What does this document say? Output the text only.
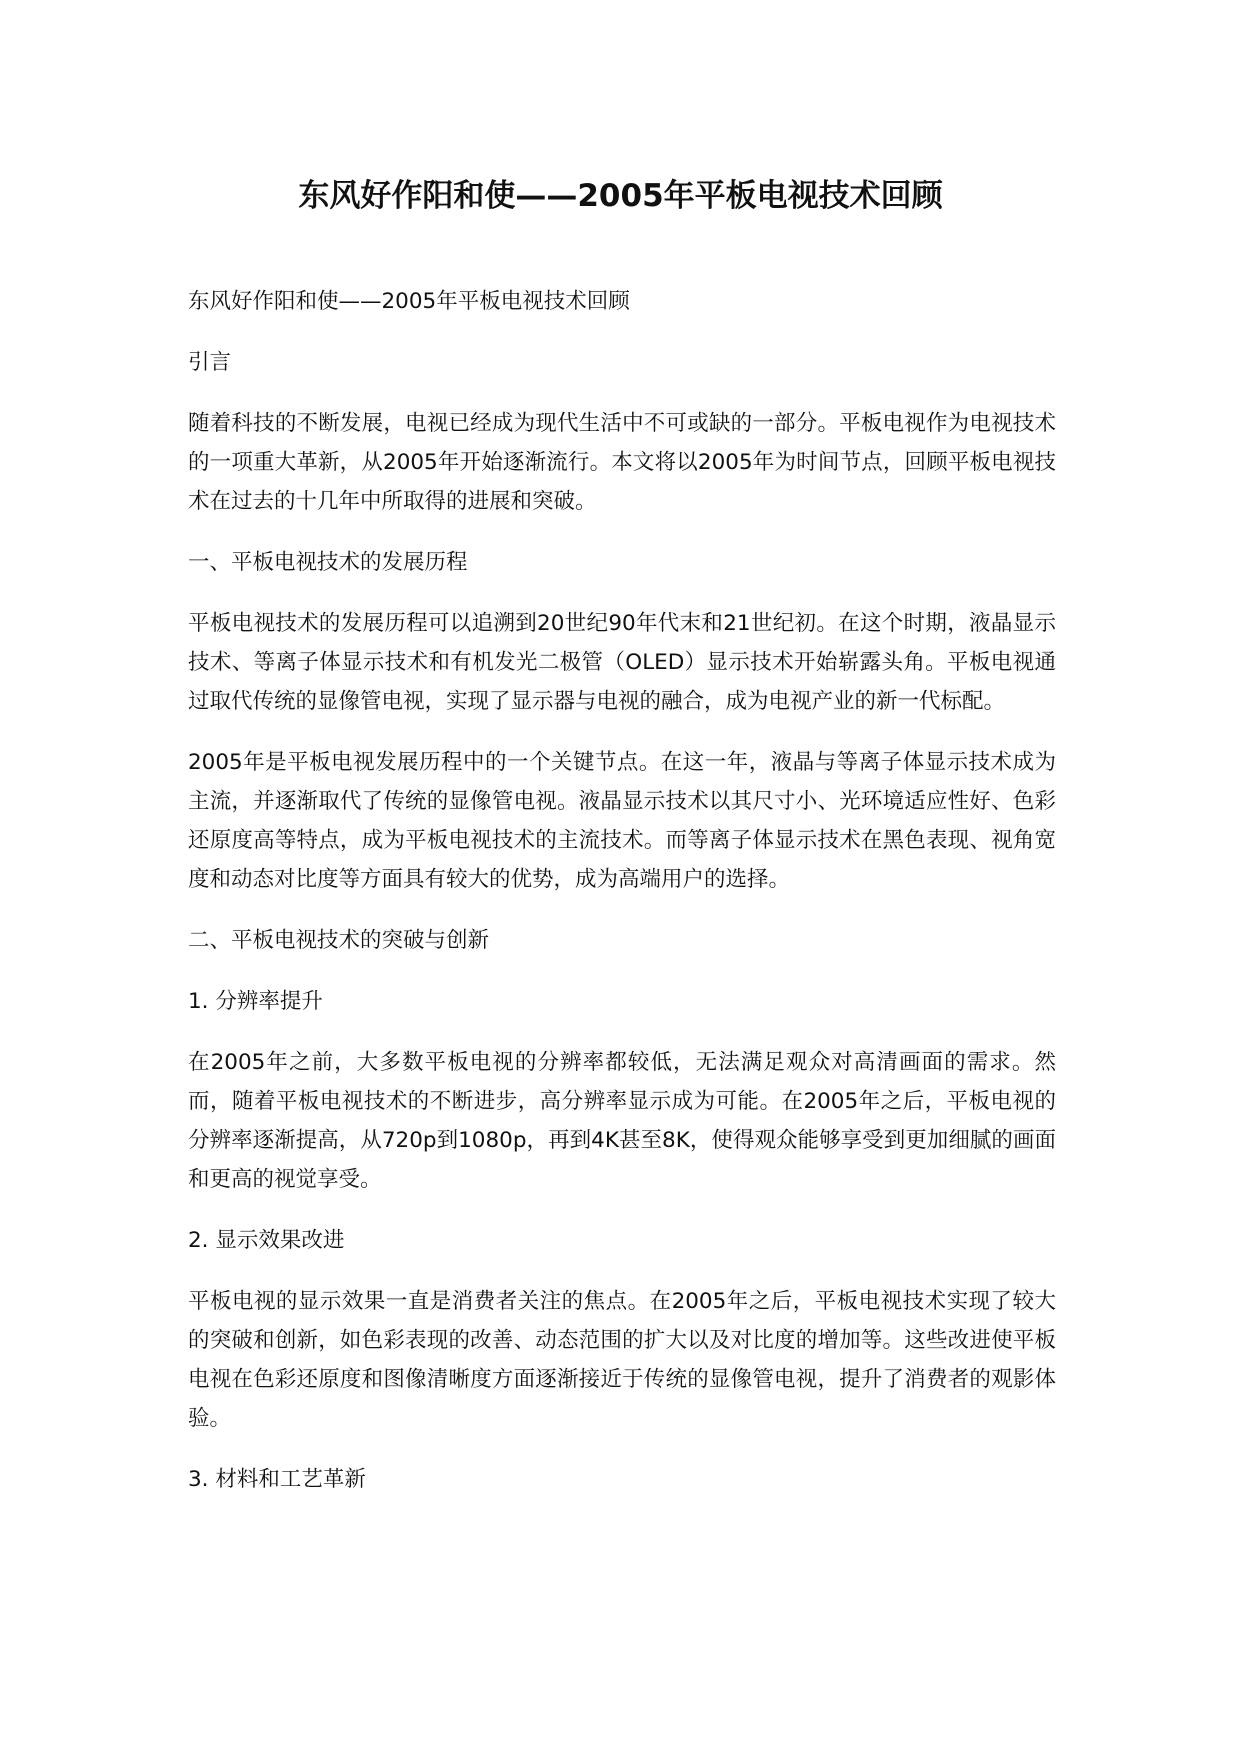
东风好作阳和使——2005年平板电视技术回顾

东风好作阳和使——2005年平板电视技术回顾

引言

随着科技的不断发展，电视已经成为现代生活中不可或缺的一部分。平板电视作为电视技术的一项重大革新，从2005年开始逐渐流行。本文将以2005年为时间节点，回顾平板电视技术在过去的十几年中所取得的进展和突破。

一、平板电视技术的发展历程

平板电视技术的发展历程可以追溯到20世纪90年代末和21世纪初。在这个时期，液晶显示技术、等离子体显示技术和有机发光二极管（OLED）显示技术开始崭露头角。平板电视通过取代传统的显像管电视，实现了显示器与电视的融合，成为电视产业的新一代标配。

2005年是平板电视发展历程中的一个关键节点。在这一年，液晶与等离子体显示技术成为主流，并逐渐取代了传统的显像管电视。液晶显示技术以其尺寸小、光环境适应性好、色彩还原度高等特点，成为平板电视技术的主流技术。而等离子体显示技术在黑色表现、视角宽度和动态对比度等方面具有较大的优势，成为高端用户的选择。

二、平板电视技术的突破与创新

1. 分辨率提升

在2005年之前，大多数平板电视的分辨率都较低，无法满足观众对高清画面的需求。然而，随着平板电视技术的不断进步，高分辨率显示成为可能。在2005年之后，平板电视的分辨率逐渐提高，从720p到1080p，再到4K甚至8K，使得观众能够享受到更加细腻的画面和更高的视觉享受。

2. 显示效果改进

平板电视的显示效果一直是消费者关注的焦点。在2005年之后，平板电视技术实现了较大的突破和创新，如色彩表现的改善、动态范围的扩大以及对比度的增加等。这些改进使平板电视在色彩还原度和图像清晰度方面逐渐接近于传统的显像管电视，提升了消费者的观影体验。

3. 材料和工艺革新
